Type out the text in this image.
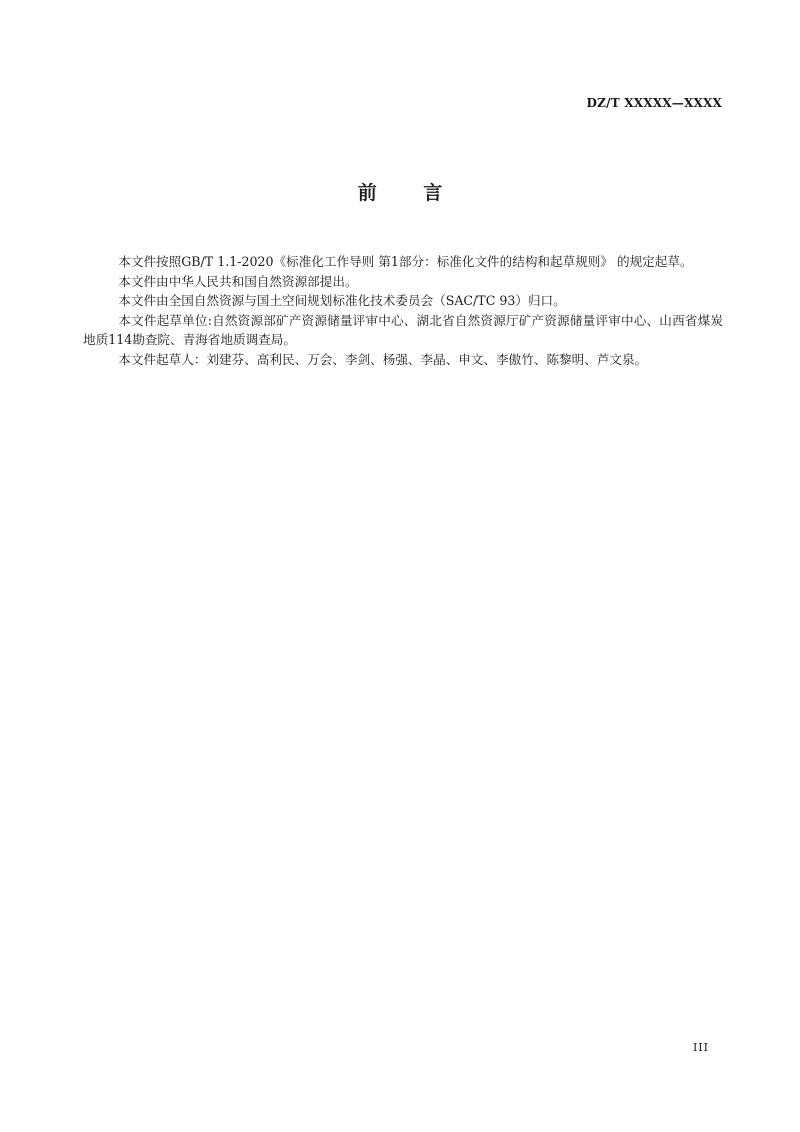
DZ/T XXXXX—XXXX
前 言

本文件按照GB/T 1.1-2020《标准化工作导则 第1部分：标准化文件的结构和起草规则》 的规定起草。

本文件由中华人民共和国自然资源部提出。

本文件由全国自然资源与国土空间规划标准化技术委员会（SAC/TC 93）归口。

本文件起草单位:自然资源部矿产资源储量评审中心、湖北省自然资源厅矿产资源储量评审中心、山西省煤炭地质114勘查院、青海省地质调查局。

本文件起草人：刘建芬、高利民、万会、李剑、杨强、李晶、申文、李傲竹、陈黎明、芦文泉。

III
